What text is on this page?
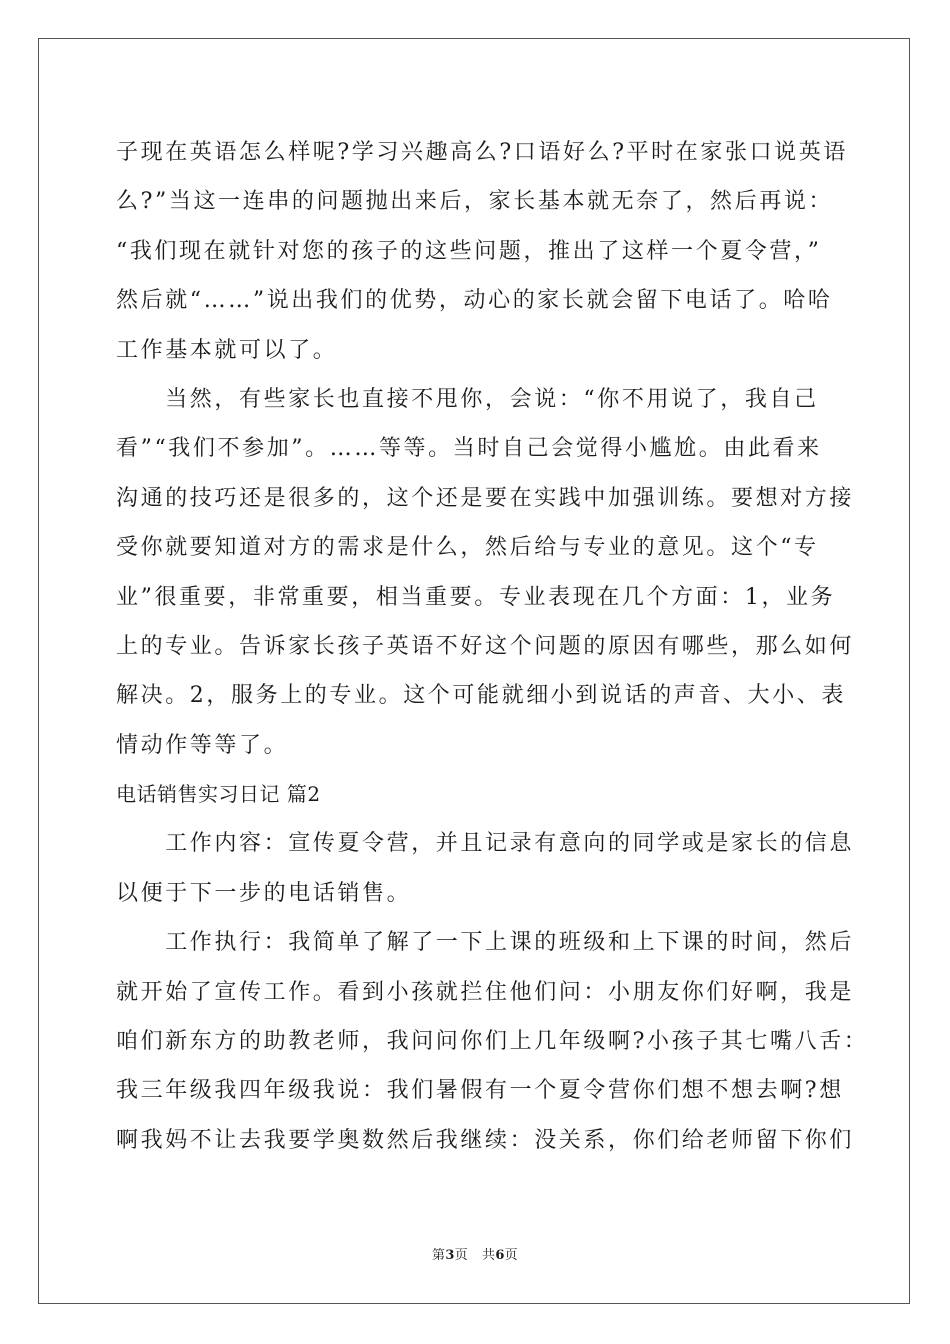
子现在英语怎么样呢?学习兴趣高么?口语好么?平时在家张口说英语
么?”当这一连串的问题抛出来后，家长基本就无奈了，然后再说：
“我们现在就针对您的孩子的这些问题，推出了这样一个夏令营，”
然后就“……”说出我们的优势，动心的家长就会留下电话了。哈哈
工作基本就可以了。
　　当然，有些家长也直接不甩你，会说：“你不用说了，我自己
看”“我们不参加”。……等等。当时自己会觉得小尴尬。由此看来
沟通的技巧还是很多的，这个还是要在实践中加强训练。要想对方接
受你就要知道对方的需求是什么，然后给与专业的意见。这个“专
业”很重要，非常重要，相当重要。专业表现在几个方面：1，业务
上的专业。告诉家长孩子英语不好这个问题的原因有哪些，那么如何
解决。2，服务上的专业。这个可能就细小到说话的声音、大小、表
情动作等等了。
电话销售实习日记 篇2
　　工作内容：宣传夏令营，并且记录有意向的同学或是家长的信息
以便于下一步的电话销售。
　　工作执行：我简单了解了一下上课的班级和上下课的时间，然后
就开始了宣传工作。看到小孩就拦住他们问：小朋友你们好啊，我是
咱们新东方的助教老师，我问问你们上几年级啊?小孩子其七嘴八舌：
我三年级我四年级我说：我们暑假有一个夏令营你们想不想去啊?想
啊我妈不让去我要学奥数然后我继续：没关系，你们给老师留下你们
第3页 共6页
